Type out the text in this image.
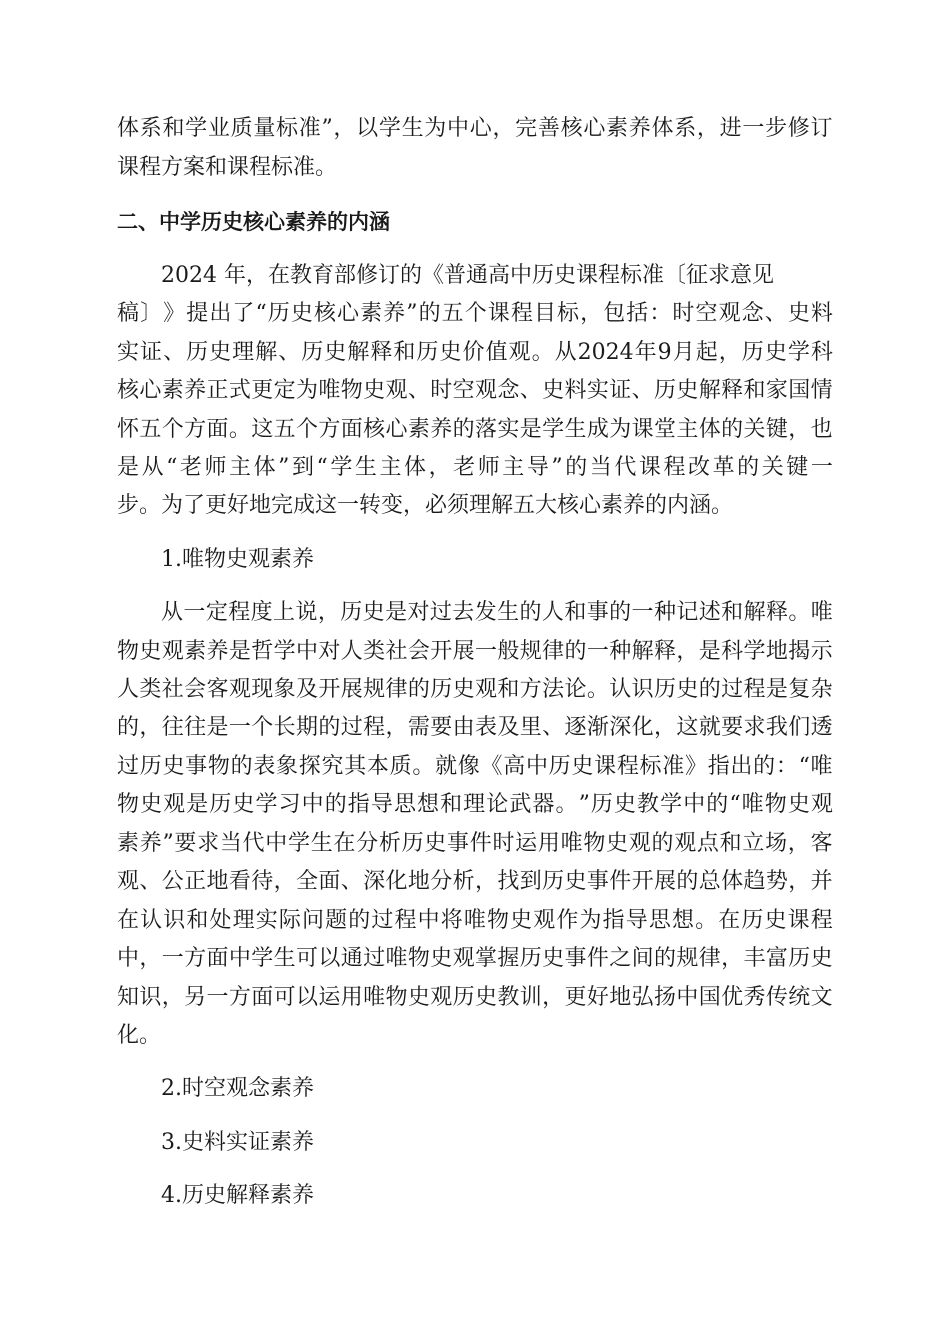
体 系 和 学 业 质 量 标 准 ” ， 以 学 生 为 中 心 ， 完 善 核 心 素 养 体 系 ， 进 一 步 修 订
课程方案和课程标准。
二、中学历史核心素养的内涵
2024 年，在教育部修订的《普通高中历史课程标准〔征求意见
稿 〕 》 提 出 了 “ 历 史 核 心 素 养 ” 的 五 个 课 程 目 标 ， 包 括 ： 时 空 观 念 、 史 料
实 证 、 历 史 理 解 、 历 史 解 释 和 历 史 价 值 观 。 从 2024 年 9 月 起 ， 历 史 学 科
核 心 素 养 正 式 更 定 为 唯 物 史 观 、 时 空 观 念 、 史 料 实 证 、 历 史 解 释 和 家 国 情
怀 五 个 方 面 。 这 五 个 方 面 核 心 素 养 的 落 实 是 学 生 成 为 课 堂 主 体 的 关 键 ， 也
是 从 “ 老 师 主 体 ” 到 “ 学 生 主 体 ， 老 师 主 导 ” 的 当 代 课 程 改 革 的 关 键 一
步。为了更好地完成这一转变，必须理解五大核心素养的内涵。
1.唯物史观素养
从 一 定 程 度 上 说 ， 历 史 是 对 过 去 发 生 的 人 和 事 的 一 种 记 述 和 解 释 。 唯
物 史 观 素 养 是 哲 学 中 对 人 类 社 会 开 展 一 般 规 律 的 一 种 解 释 ， 是 科 学 地 揭 示
人 类 社 会 客 观 现 象 及 开 展 规 律 的 历 史 观 和 方 法 论 。 认 识 历 史 的 过 程 是 复 杂
的 ， 往 往 是 一 个 长 期 的 过 程 ， 需 要 由 表 及 里 、 逐 渐 深 化 ， 这 就 要 求 我 们 透
过 历 史 事 物 的 表 象 探 究 其 本 质 。 就 像 《 高 中 历 史 课 程 标 准 》 指 出 的 ： “ 唯
物 史 观 是 历 史 学 习 中 的 指 导 思 想 和 理 论 武 器 。 ” 历 史 教 学 中 的 “ 唯 物 史 观
素 养 ” 要 求 当 代 中 学 生 在 分 析 历 史 事 件 时 运 用 唯 物 史 观 的 观 点 和 立 场 ， 客
观 、 公 正 地 看 待 ， 全 面 、 深 化 地 分 析 ， 找 到 历 史 事 件 开 展 的 总 体 趋 势 ， 并
在 认 识 和 处 理 实 际 问 题 的 过 程 中 将 唯 物 史 观 作 为 指 导 思 想 。 在 历 史 课 程
中 ， 一 方 面 中 学 生 可 以 通 过 唯 物 史 观 掌 握 历 史 事 件 之 间 的 规 律 ， 丰 富 历 史
知 识 ， 另 一 方 面 可 以 运 用 唯 物 史 观 历 史 教 训 ， 更 好 地 弘 扬 中 国 优 秀 传 统 文
化。
2.时空观念素养
3.史料实证素养
4.历史解释素养
